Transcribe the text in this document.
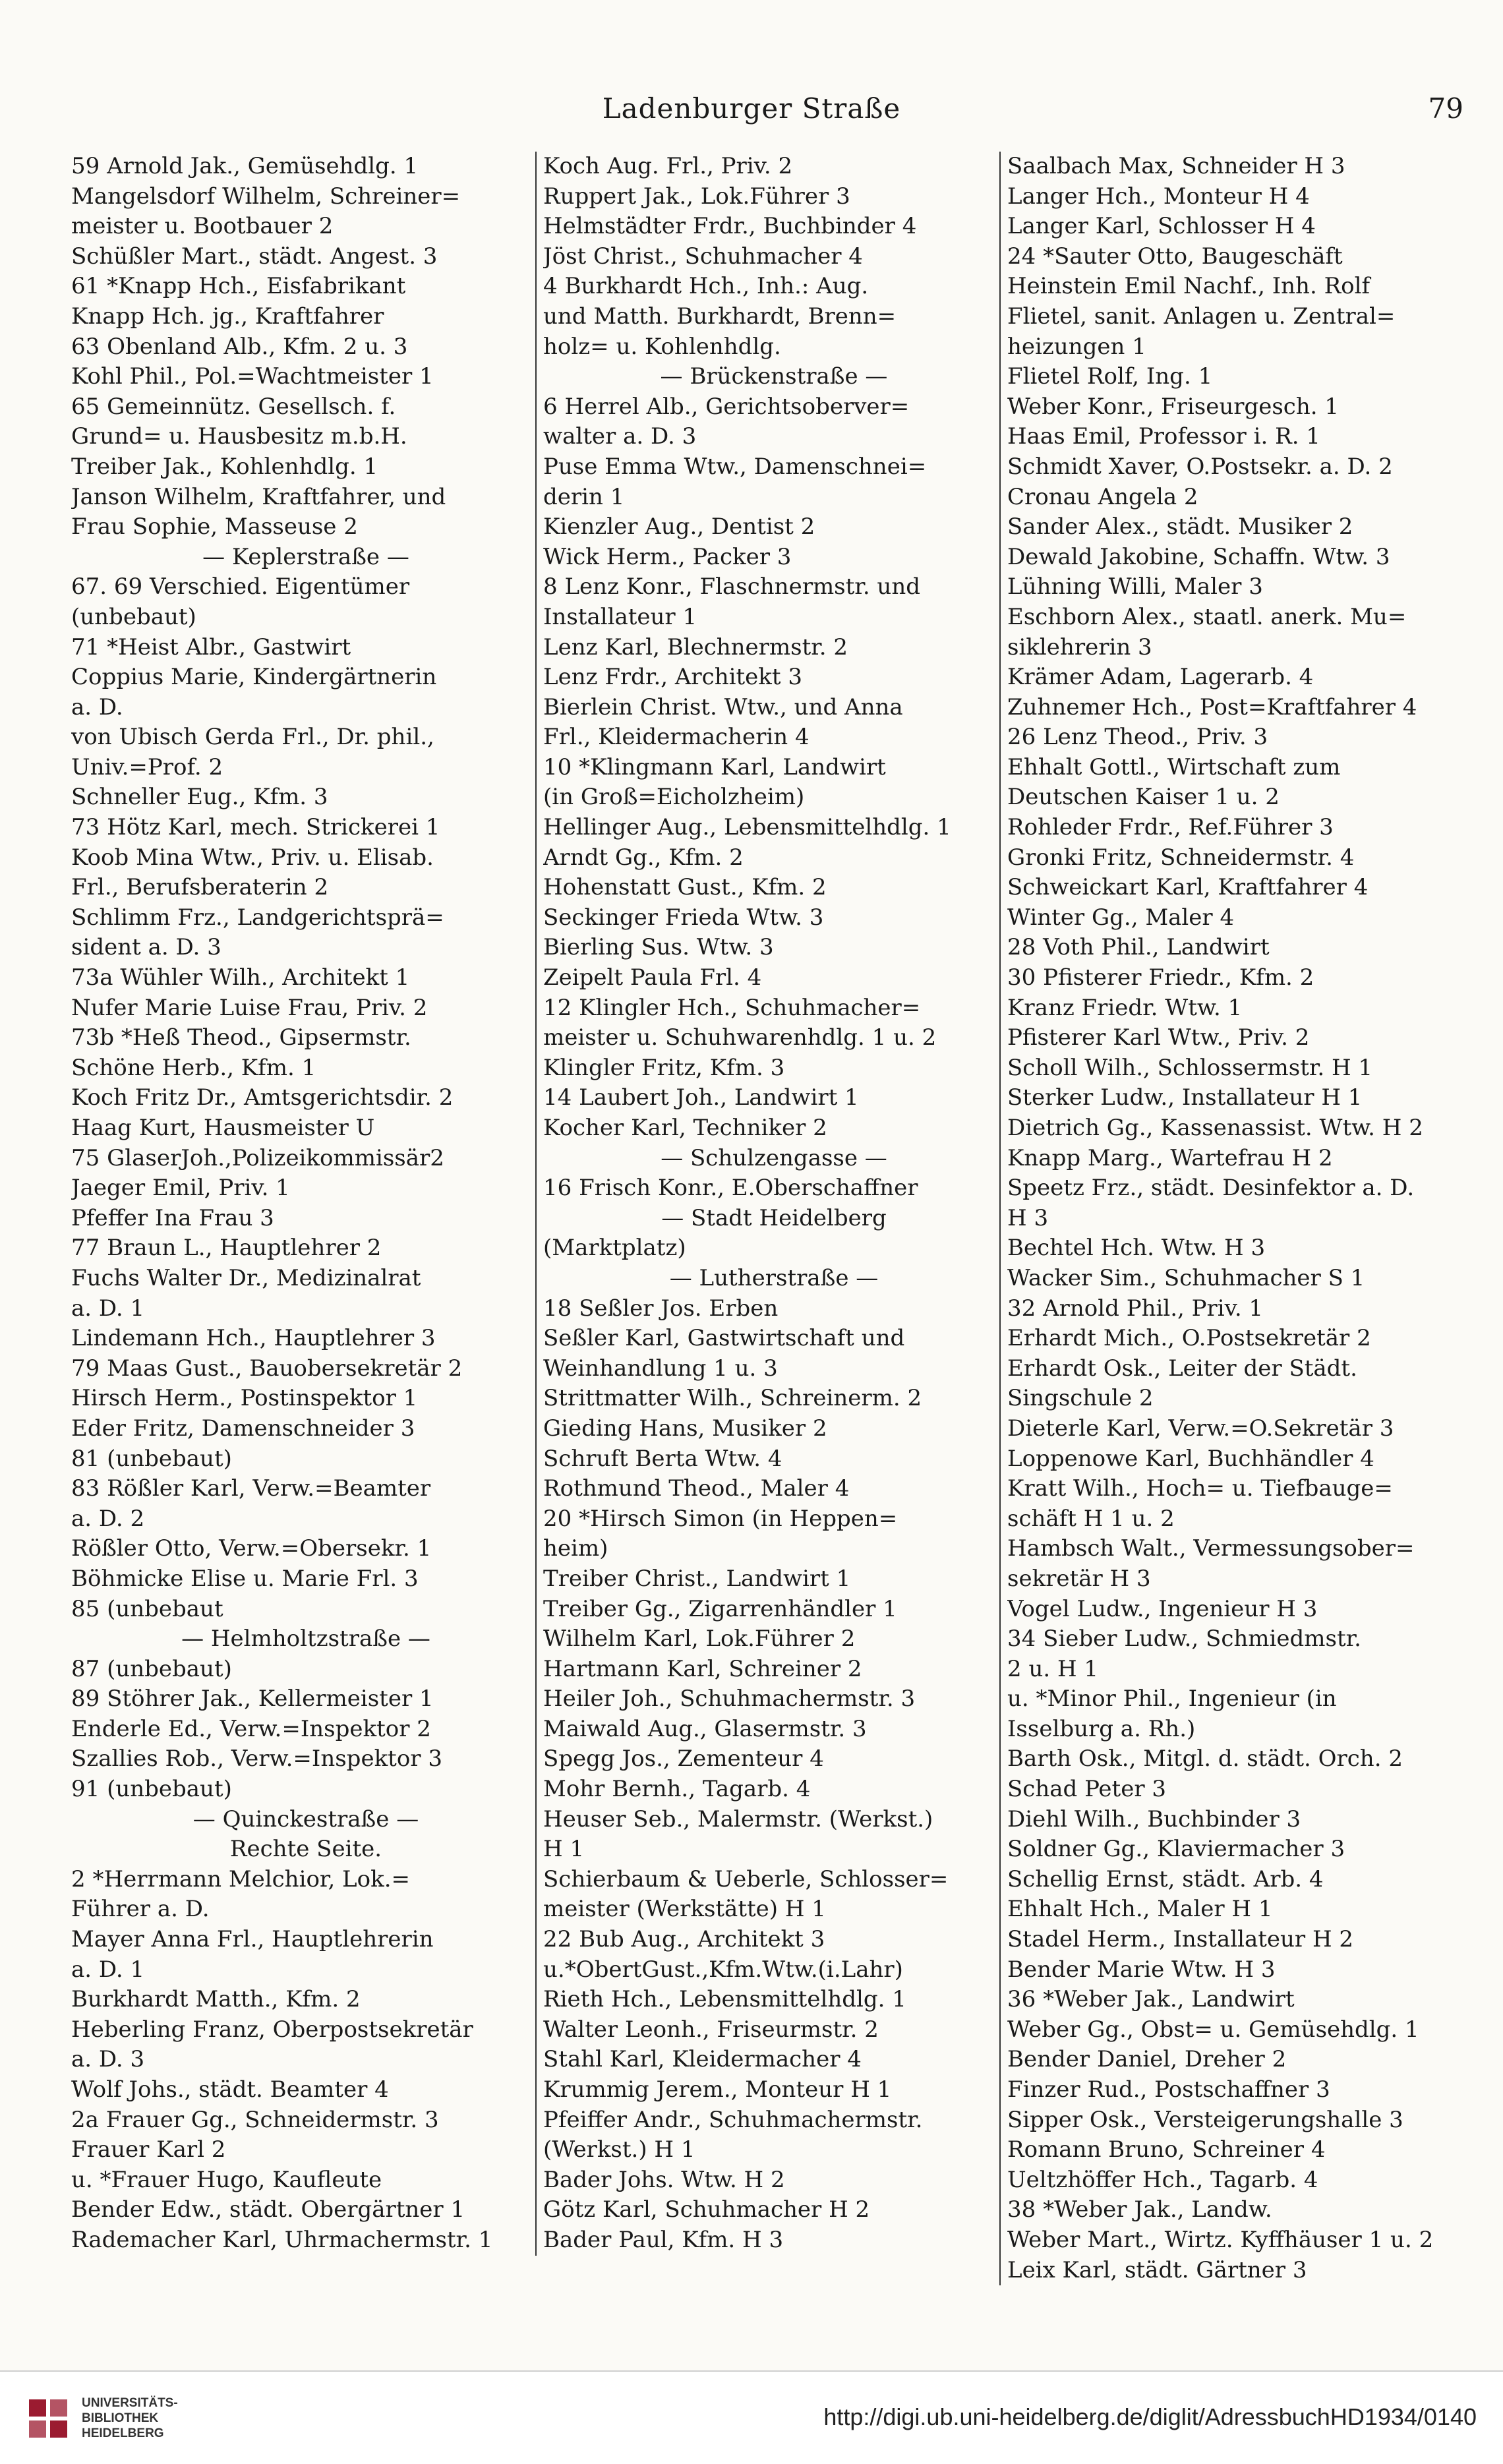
Ladenburger Straße	79
59 Arnold Jak., Gemüsehdlg. 1
Mangelsdorf Wilhelm, Schreiner=
meister u. Bootbauer 2
Schüßler Mart., städt. Angest. 3
61 *Knapp Hch., Eisfabrikant
Knapp Hch. jg., Kraftfahrer
63 Obenland Alb., Kfm. 2 u. 3
Kohl Phil., Pol.=Wachtmeister 1
65 Gemeinnütz. Gesellsch. f.
Grund= u. Hausbesitz m.b.H.
Treiber Jak., Kohlenhdlg. 1
Janson Wilhelm, Kraftfahrer, und
Frau Sophie, Masseuse 2
— Keplerstraße —
67. 69 Verschied. Eigentümer
(unbebaut)
71 *Heist Albr., Gastwirt
Coppius Marie, Kindergärtnerin
a. D.
von Ubisch Gerda Frl., Dr. phil.,
Univ.=Prof. 2
Schneller Eug., Kfm. 3
73 Hötz Karl, mech. Strickerei 1
Koob Mina Wtw., Priv. u. Elisab.
Frl., Berufsberaterin 2
Schlimm Frz., Landgerichtsprä=
sident a. D. 3
73a Wühler Wilh., Architekt 1
Nufer Marie Luise Frau, Priv. 2
73b *Heß Theod., Gipsermstr.
Schöne Herb., Kfm. 1
Koch Fritz Dr., Amtsgerichtsdir. 2
Haag Kurt, Hausmeister U
75 GlaserJoh.,Polizeikommissär2
Jaeger Emil, Priv. 1
Pfeffer Ina Frau 3
77 Braun L., Hauptlehrer 2
Fuchs Walter Dr., Medizinalrat
a. D. 1
Lindemann Hch., Hauptlehrer 3
79 Maas Gust., Bauobersekretär 2
Hirsch Herm., Postinspektor 1
Eder Fritz, Damenschneider 3
81 (unbebaut)
83 Rößler Karl, Verw.=Beamter
a. D. 2
Rößler Otto, Verw.=Obersekr. 1
Böhmicke Elise u. Marie Frl. 3
85 (unbebaut
— Helmholtzstraße —
87 (unbebaut)
89 Stöhrer Jak., Kellermeister 1
Enderle Ed., Verw.=Inspektor 2
Szallies Rob., Verw.=Inspektor 3
91 (unbebaut)
— Quinckestraße —
Rechte Seite.
2 *Herrmann Melchior, Lok.=
Führer a. D.
Mayer Anna Frl., Hauptlehrerin
a. D. 1
Burkhardt Matth., Kfm. 2
Heberling Franz, Oberpostsekretär
a. D. 3
Wolf Johs., städt. Beamter 4
2a Frauer Gg., Schneidermstr. 3
Frauer Karl 2
u. *Frauer Hugo, Kaufleute
Bender Edw., städt. Obergärtner 1
Rademacher Karl, Uhrmachermstr. 1
Koch Aug. Frl., Priv. 2
Ruppert Jak., Lok.Führer 3
Helmstädter Frdr., Buchbinder 4
Jöst Christ., Schuhmacher 4
4 Burkhardt Hch., Inh.: Aug.
und Matth. Burkhardt, Brenn=
holz= u. Kohlenhdlg.
— Brückenstraße —
6 Herrel Alb., Gerichtsoberver=
walter a. D. 3
Puse Emma Wtw., Damenschnei=
derin 1
Kienzler Aug., Dentist 2
Wick Herm., Packer 3
8 Lenz Konr., Flaschnermstr. und
Installateur 1
Lenz Karl, Blechnermstr. 2
Lenz Frdr., Architekt 3
Bierlein Christ. Wtw., und Anna
Frl., Kleidermacherin 4
10 *Klingmann Karl, Landwirt
(in Groß=Eicholzheim)
Hellinger Aug., Lebensmittelhdlg. 1
Arndt Gg., Kfm. 2
Hohenstatt Gust., Kfm. 2
Seckinger Frieda Wtw. 3
Bierling Sus. Wtw. 3
Zeipelt Paula Frl. 4
12 Klingler Hch., Schuhmacher=
meister u. Schuhwarenhdlg. 1 u. 2
Klingler Fritz, Kfm. 3
14 Laubert Joh., Landwirt 1
Kocher Karl, Techniker 2
— Schulzengasse —
16 Frisch Konr., E.Oberschaffner
— Stadt Heidelberg
(Marktplatz)
— Lutherstraße —
18 Seßler Jos. Erben
Seßler Karl, Gastwirtschaft und
Weinhandlung 1 u. 3
Strittmatter Wilh., Schreinerm. 2
Gieding Hans, Musiker 2
Schruft Berta Wtw. 4
Rothmund Theod., Maler 4
20 *Hirsch Simon (in Heppen=
heim)
Treiber Christ., Landwirt 1
Treiber Gg., Zigarrenhändler 1
Wilhelm Karl, Lok.Führer 2
Hartmann Karl, Schreiner 2
Heiler Joh., Schuhmachermstr. 3
Maiwald Aug., Glasermstr. 3
Spegg Jos., Zementeur 4
Mohr Bernh., Tagarb. 4
Heuser Seb., Malermstr. (Werkst.)
H 1
Schierbaum & Ueberle, Schlosser=
meister (Werkstätte) H 1
22 Bub Aug., Architekt 3
u.*ObertGust.,Kfm.Wtw.(i.Lahr)
Rieth Hch., Lebensmittelhdlg. 1
Walter Leonh., Friseurmstr. 2
Stahl Karl, Kleidermacher 4
Krummig Jerem., Monteur H 1
Pfeiffer Andr., Schuhmachermstr.
(Werkst.) H 1
Bader Johs. Wtw. H 2
Götz Karl, Schuhmacher H 2
Bader Paul, Kfm. H 3
Saalbach Max, Schneider H 3
Langer Hch., Monteur H 4
Langer Karl, Schlosser H 4
24 *Sauter Otto, Baugeschäft
Heinstein Emil Nachf., Inh. Rolf
Flietel, sanit. Anlagen u. Zentral=
heizungen 1
Flietel Rolf, Ing. 1
Weber Konr., Friseurgesch. 1
Haas Emil, Professor i. R. 1
Schmidt Xaver, O.Postsekr. a. D. 2
Cronau Angela 2
Sander Alex., städt. Musiker 2
Dewald Jakobine, Schaffn. Wtw. 3
Lühning Willi, Maler 3
Eschborn Alex., staatl. anerk. Mu=
siklehrerin 3
Krämer Adam, Lagerarb. 4
Zuhnemer Hch., Post=Kraftfahrer 4
26 Lenz Theod., Priv. 3
Ehhalt Gottl., Wirtschaft zum
Deutschen Kaiser 1 u. 2
Rohleder Frdr., Ref.Führer 3
Gronki Fritz, Schneidermstr. 4
Schweickart Karl, Kraftfahrer 4
Winter Gg., Maler 4
28 Voth Phil., Landwirt
30 Pfisterer Friedr., Kfm. 2
Kranz Friedr. Wtw. 1
Pfisterer Karl Wtw., Priv. 2
Scholl Wilh., Schlossermstr. H 1
Sterker Ludw., Installateur H 1
Dietrich Gg., Kassenassist. Wtw. H 2
Knapp Marg., Wartefrau H 2
Speetz Frz., städt. Desinfektor a. D.
H 3
Bechtel Hch. Wtw. H 3
Wacker Sim., Schuhmacher S 1
32 Arnold Phil., Priv. 1
Erhardt Mich., O.Postsekretär 2
Erhardt Osk., Leiter der Städt.
Singschule 2
Dieterle Karl, Verw.=O.Sekretär 3
Loppenowe Karl, Buchhändler 4
Kratt Wilh., Hoch= u. Tiefbauge=
schäft H 1 u. 2
Hambsch Walt., Vermessungsober=
sekretär H 3
Vogel Ludw., Ingenieur H 3
34 Sieber Ludw., Schmiedmstr.
2 u. H 1
u. *Minor Phil., Ingenieur (in
Isselburg a. Rh.)
Barth Osk., Mitgl. d. städt. Orch. 2
Schad Peter 3
Diehl Wilh., Buchbinder 3
Soldner Gg., Klaviermacher 3
Schellig Ernst, städt. Arb. 4
Ehhalt Hch., Maler H 1
Stadel Herm., Installateur H 2
Bender Marie Wtw. H 3
36 *Weber Jak., Landwirt
Weber Gg., Obst= u. Gemüsehdlg. 1
Bender Daniel, Dreher 2
Finzer Rud., Postschaffner 3
Sipper Osk., Versteigerungshalle 3
Romann Bruno, Schreiner 4
Ueltzhöffer Hch., Tagarb. 4
38 *Weber Jak., Landw.
Weber Mart., Wirtz. Kyffhäuser 1 u. 2
Leix Karl, städt. Gärtner 3
UNIVERSITÄTS-
BIBLIOTHEK
HEIDELBERG
http://digi.ub.uni-heidelberg.de/diglit/AdressbuchHD1934/0140
